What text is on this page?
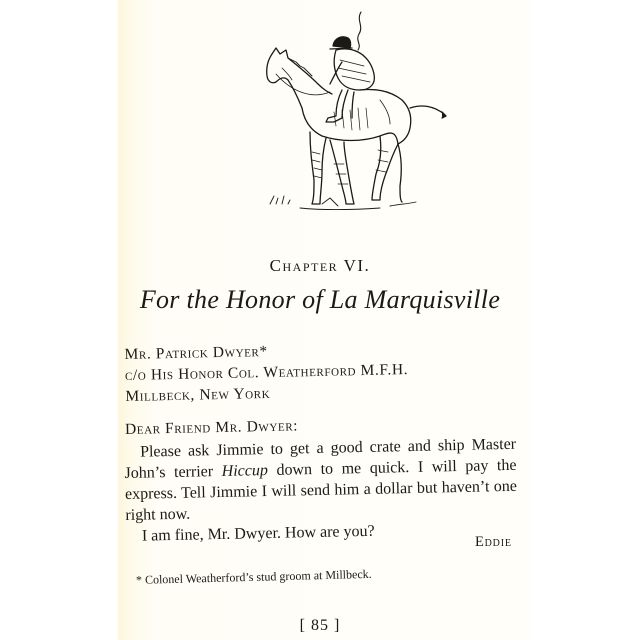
Chapter VI.
For the Honor of La Marquisville
Mr. Patrick Dwyer*
c/o His Honor Col. Weatherford M.F.H.
Millbeck, New York
Dear Friend Mr. Dwyer:

Please ask Jimmie to get a good crate and ship Master John’s terrier Hiccup down to me quick. I will pay the express. Tell Jimmie I will send him a dollar but haven’t one right now.

I am fine, Mr. Dwyer. How are you?	Eddie
* Colonel Weatherford’s stud groom at Millbeck.
[ 85 ]
